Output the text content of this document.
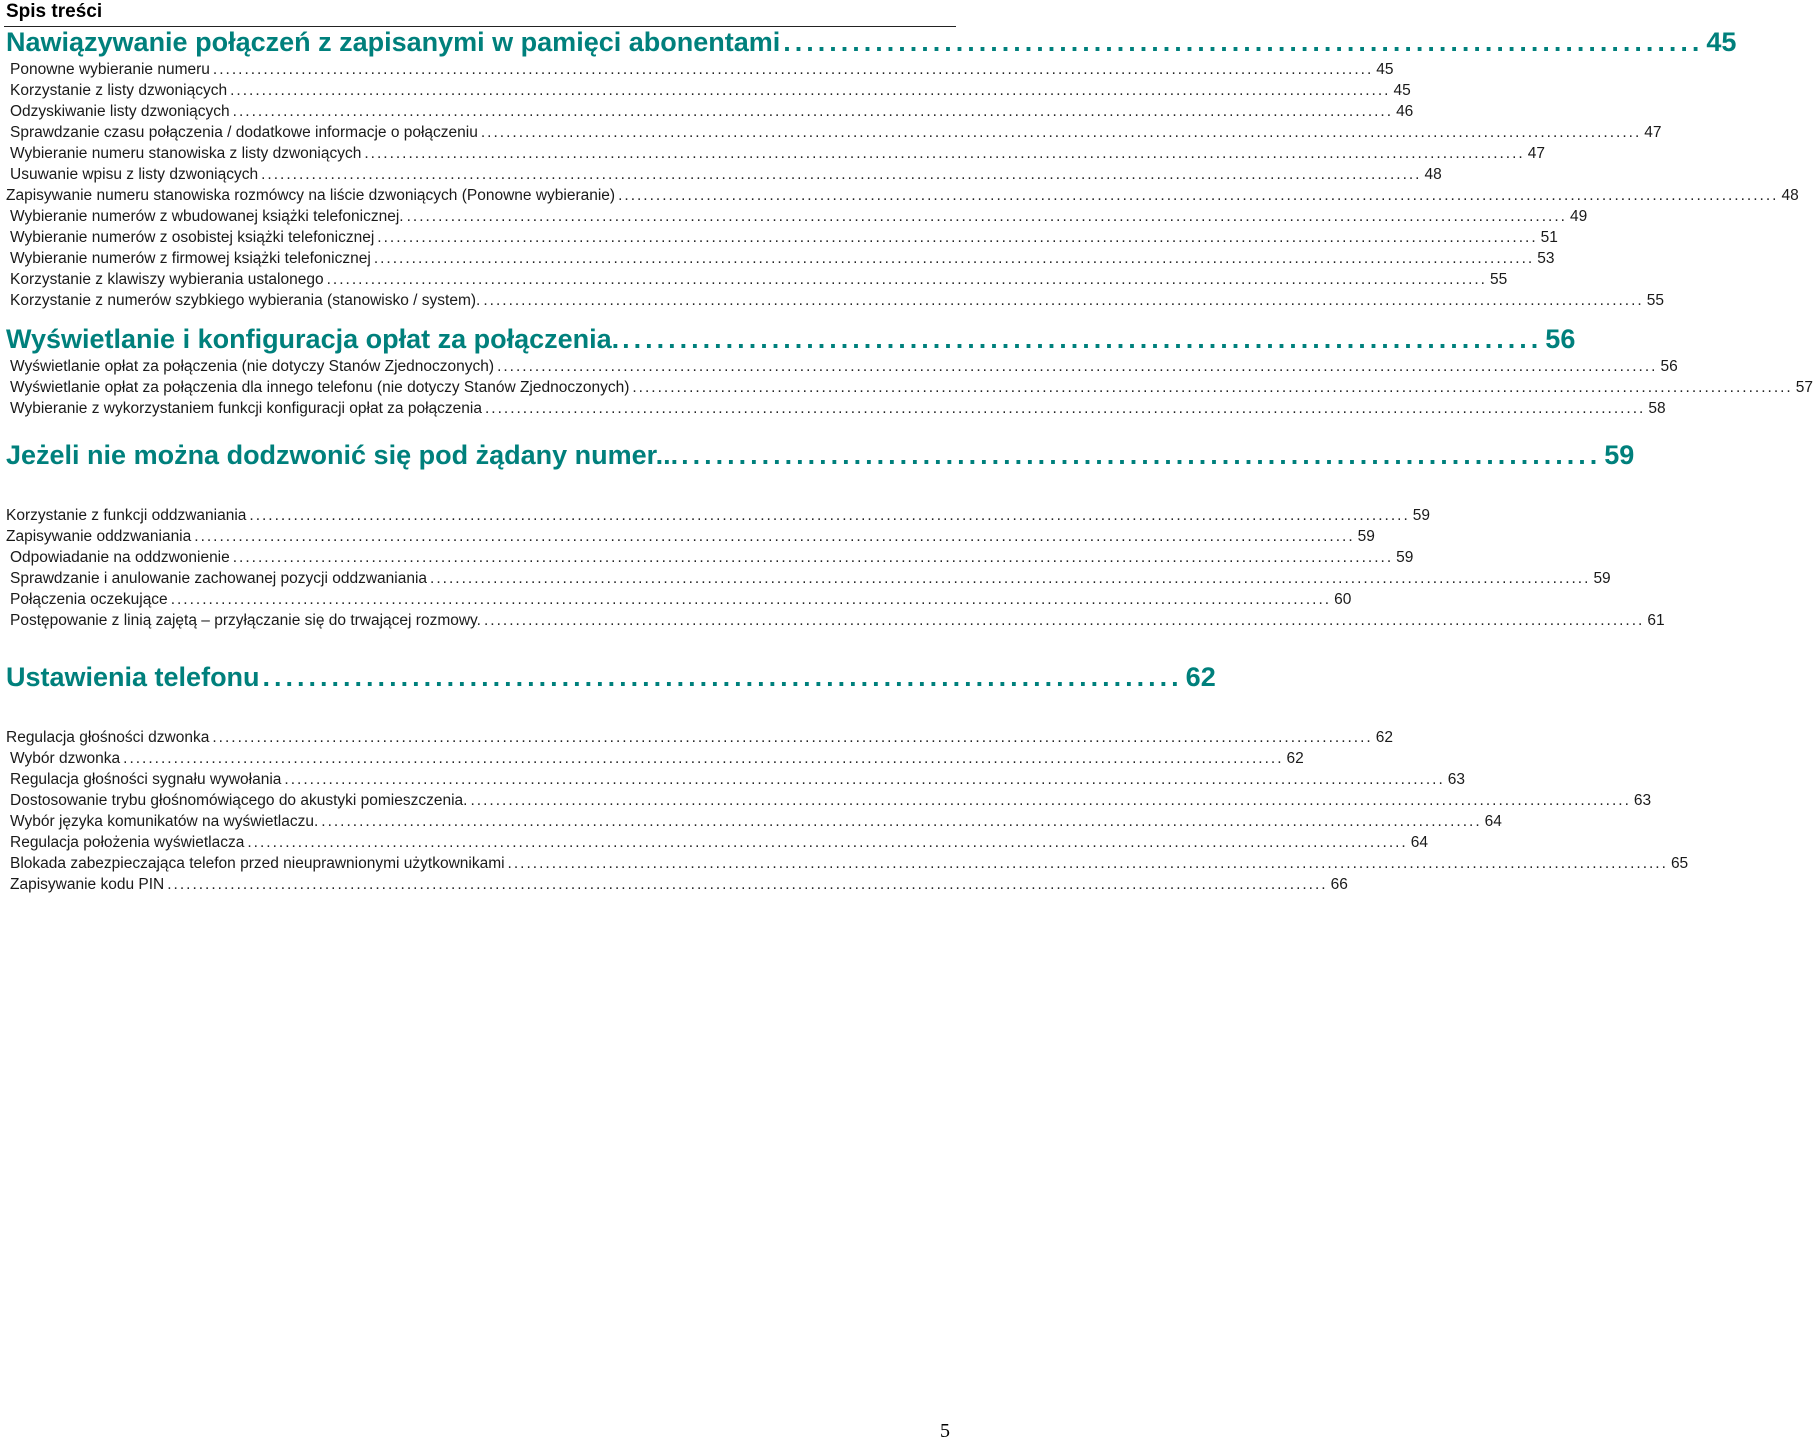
Spis treści
Nawiązywanie połączeń z zapisanymi w pamięci abonentami ................................................................................ 45
Ponowne wybieranie numeru ........................................................................................................................................................................................ 45
Korzystanie z listy dzwoniących ........................................................................................................................................................................................ 45
Odzyskiwanie listy dzwoniących ........................................................................................................................................................................................ 46
Sprawdzanie czasu połączenia / dodatkowe informacje o połączeniu ........................................................................................................................................................................................ 47
Wybieranie numeru stanowiska z listy dzwoniących ........................................................................................................................................................................................ 47
Usuwanie wpisu z listy dzwoniących ........................................................................................................................................................................................ 48
Zapisywanie numeru stanowiska rozmówcy na liście dzwoniących (Ponowne wybieranie) ........................................................................................................................................................................................ 48
Wybieranie numerów z wbudowanej książki telefonicznej. ........................................................................................................................................................................................ 49
Wybieranie numerów z osobistej książki telefonicznej ........................................................................................................................................................................................ 51
Wybieranie numerów z firmowej książki telefonicznej ........................................................................................................................................................................................ 53
Korzystanie z klawiszy wybierania ustalonego ........................................................................................................................................................................................ 55
Korzystanie z numerów szybkiego wybierania (stanowisko / system). ........................................................................................................................................................................................ 55
Wyświetlanie i konfiguracja opłat za połączenia. ................................................................................ 56
Wyświetlanie opłat za połączenia (nie dotyczy Stanów Zjednoczonych) ........................................................................................................................................................................................ 56
Wyświetlanie opłat za połączenia dla innego telefonu (nie dotyczy Stanów Zjednoczonych) ........................................................................................................................................................................................ 57
Wybieranie z wykorzystaniem funkcji konfiguracji opłat za połączenia ........................................................................................................................................................................................ 58
Jeżeli nie można dodzwonić się pod żądany numer... ................................................................................ 59
Korzystanie z funkcji oddzwaniania ........................................................................................................................................................................................ 59
Zapisywanie oddzwaniania ........................................................................................................................................................................................ 59
Odpowiadanie na oddzwonienie ........................................................................................................................................................................................ 59
Sprawdzanie i anulowanie zachowanej pozycji oddzwaniania ........................................................................................................................................................................................ 59
Połączenia oczekujące ........................................................................................................................................................................................ 60
Postępowanie z linią zajętą – przyłączanie się do trwającej rozmowy. ........................................................................................................................................................................................ 61
Ustawienia telefonu ................................................................................ 62
Regulacja głośności dzwonka ........................................................................................................................................................................................ 62
Wybór dzwonka ........................................................................................................................................................................................ 62
Regulacja głośności sygnału wywołania ........................................................................................................................................................................................ 63
Dostosowanie trybu głośnomówiącego do akustyki pomieszczenia. ........................................................................................................................................................................................ 63
Wybór języka komunikatów na wyświetlaczu. ........................................................................................................................................................................................ 64
Regulacja położenia wyświetlacza ........................................................................................................................................................................................ 64
Blokada zabezpieczająca telefon przed nieuprawnionymi użytkownikami ........................................................................................................................................................................................ 65
Zapisywanie kodu PIN ........................................................................................................................................................................................ 66
5
